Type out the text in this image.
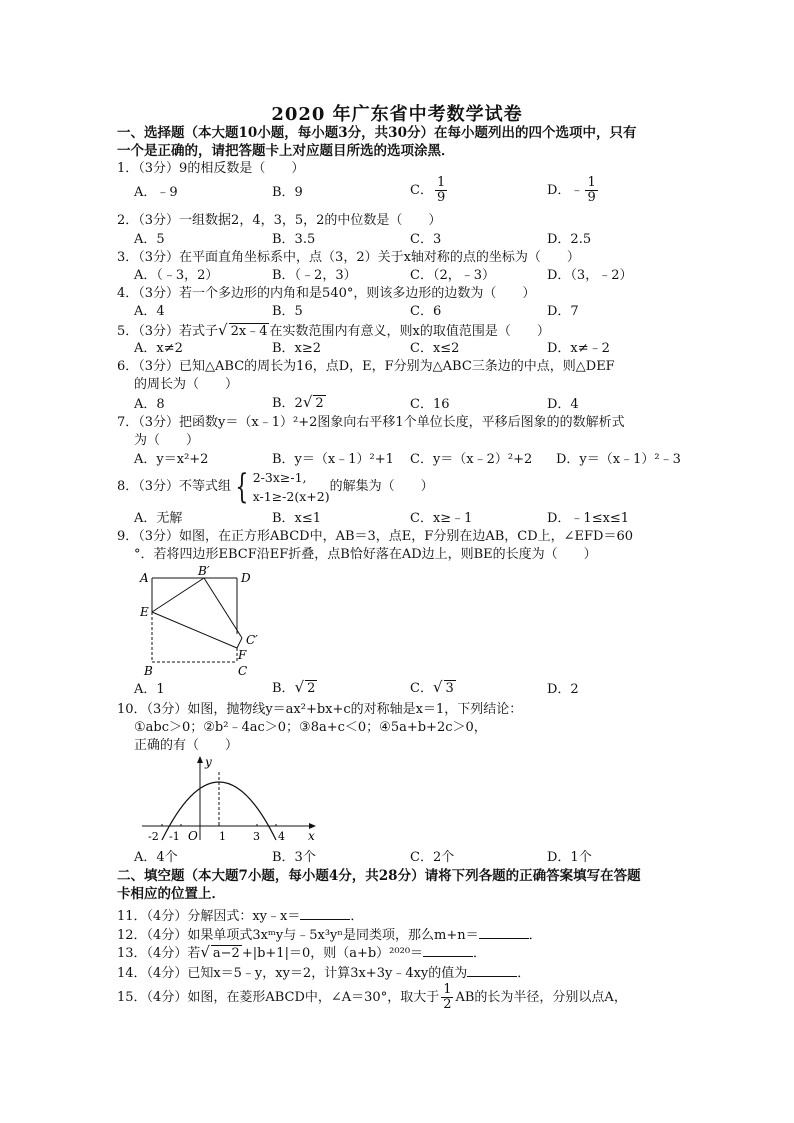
2020 年广东省中考数学试卷
一、选择题（本大题10小题，每小题3分，共30分）在每小题列出的四个选项中，只有
一个是正确的，请把答题卡上对应题目所选的选项涂黑．
1．（3分）9的相反数是（　　）
A．﹣9	B．9	C． $\frac{1}{9}$	D．﹣ $\frac{1}{9}$
2．（3分）一组数据2，4，3，5，2的中位数是（　　）
A．5	B．3.5	C．3	D．2.5
3．（3分）在平面直角坐标系中，点（3，2）关于x轴对称的点的坐标为（　　）
A．（﹣3，2）	B．（﹣2，3）	C．（2，﹣3）	D．（3，﹣2）
4．（3分）若一个多边形的内角和是540°，则该多边形的边数为（　　）
A．4	B．5	C．6	D．7
5．（3分）若式子√ 2x﹣4 在实数范围内有意义，则x的取值范围是（　　）
A．x≠2	B．x≥2	C．x≤2	D．x≠﹣2
6．（3分）已知△ABC的周长为16，点D，E，F分别为△ABC三条边的中点，则△DEF
的周长为（　　）
A．8	B．2√ 2	C．16	D．4
7．（3分）把函数y＝（x﹣1）²+2图象向右平移1个单位长度，平移后图象的的数解析式
为（　　）
A．y＝x²+2	B．y＝（x﹣1）²+1 C．y＝（x﹣2）²+2 D．y＝（x﹣1）²﹣3
8．（3分）不等式组 { 2-3x≥-1,
x-1≥-2(x+2)
的解集为（　　）
A．无解	B．x≤1	C．x≥﹣1	D．﹣1≤x≤1
9．（3分）如图，在正方形ABCD中，AB＝3，点E，F分别在边AB，CD上，∠EFD＝60
°．若将四边形EBCF沿EF折叠，点B恰好落在AD边上，则BE的长度为（　　）
A	B′	D
E
C′
F
B	C
A．1	B．√ 2	C．√ 3	D．2
10．（3分）如图，抛物线y＝ax²+bx+c的对称轴是x＝1，下列结论：
①abc＞0；②b²﹣4ac＞0；③8a+c＜0；④5a+b+2c＞0，
正确的有（　　）
y
x
O
-2 -1	1 3 4
A．4个	B．3个	C．2个	D．1个
二、填空题（本大题7小题，每小题4分，共28分）请将下列各题的正确答案填写在答题
卡相应的位置上．
11．（4分）分解因式：xy﹣x＝	．
12．（4分）如果单项式3xᵐy与﹣5x³yⁿ是同类项，那么m+n＝	．
13．（4分）若√ a−2 +|b+1|＝0，则（a+b）²⁰²⁰＝	．
14．（4分）已知x＝5﹣y，xy＝2，计算3x+3y﹣4xy的值为	．
15．（4分）如图，在菱形ABCD中，∠A＝30°，取大于 $\frac{1}{2}$ AB的长为半径，分别以点A，
